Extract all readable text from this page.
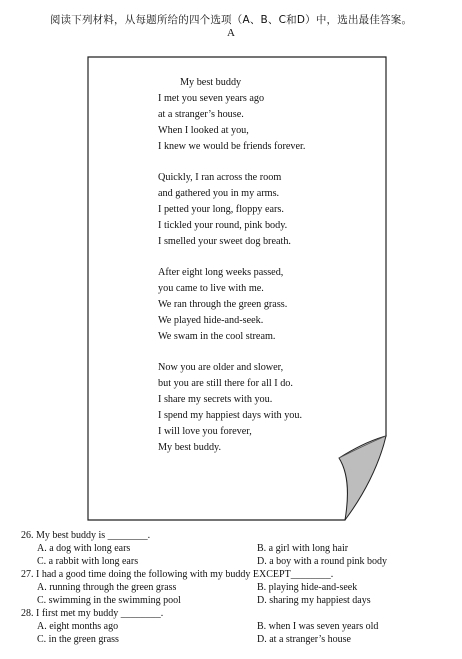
阅读下列材料，从每题所给的四个选项（A、B、C和D）中，选出最佳答案。
A
My best buddy
I met you seven years ago
at a stranger’s house.
When I looked at you,
I knew we would be friends forever.
Quickly, I ran across the room
and gathered you in my arms.
I petted your long, floppy ears.
I tickled your round, pink body.
I smelled your sweet dog breath.
After eight long weeks passed,
you came to live with me.
We ran through the green grass.
We played hide-and-seek.
We swam in the cool stream.
Now you are older and slower,
but you are still there for all I do.
I share my secrets with you.
I spend my happiest days with you.
I will love you forever,
My best buddy.
26. My best buddy is ________.
A. a dog with long ears	B. a girl with long hair
C. a rabbit with long ears	D. a boy with a round pink body
27. I had a good time doing the following with my buddy EXCEPT________.
A. running through the green grass	B. playing hide-and-seek
C. swimming in the swimming pool	D. sharing my happiest days
28. I first met my buddy ________.
A. eight months ago	B. when I was seven years old
C. in the green grass	D. at a stranger’s house
